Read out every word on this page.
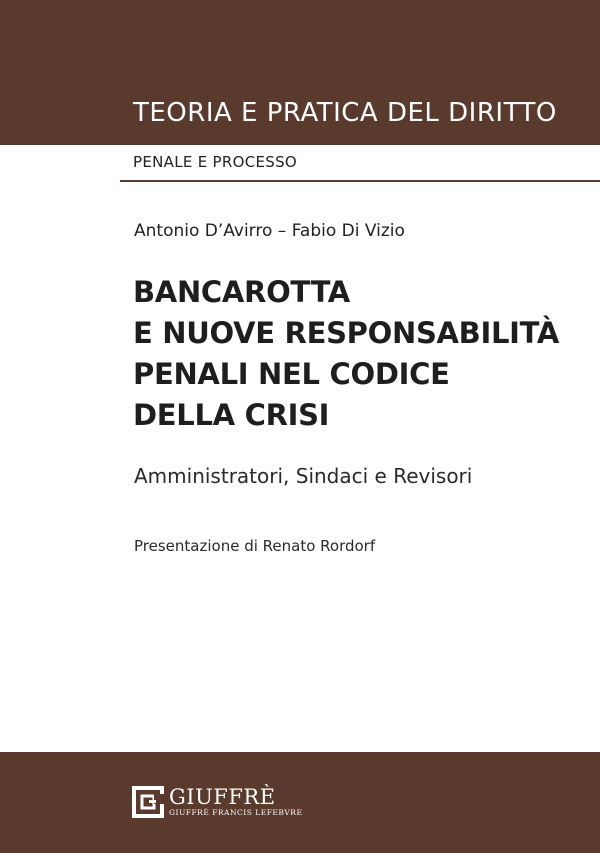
TEORIA E PRATICA DEL DIRITTO
PENALE E PROCESSO
Antonio D’Avirro – Fabio Di Vizio
BANCAROTTA
E NUOVE RESPONSABILITÀ
PENALI NEL CODICE
DELLA CRISI
Amministratori, Sindaci e Revisori
Presentazione di Renato Rordorf
GIUFFRÈ
GIUFFRÈ FRANCIS LEFEBVRE
